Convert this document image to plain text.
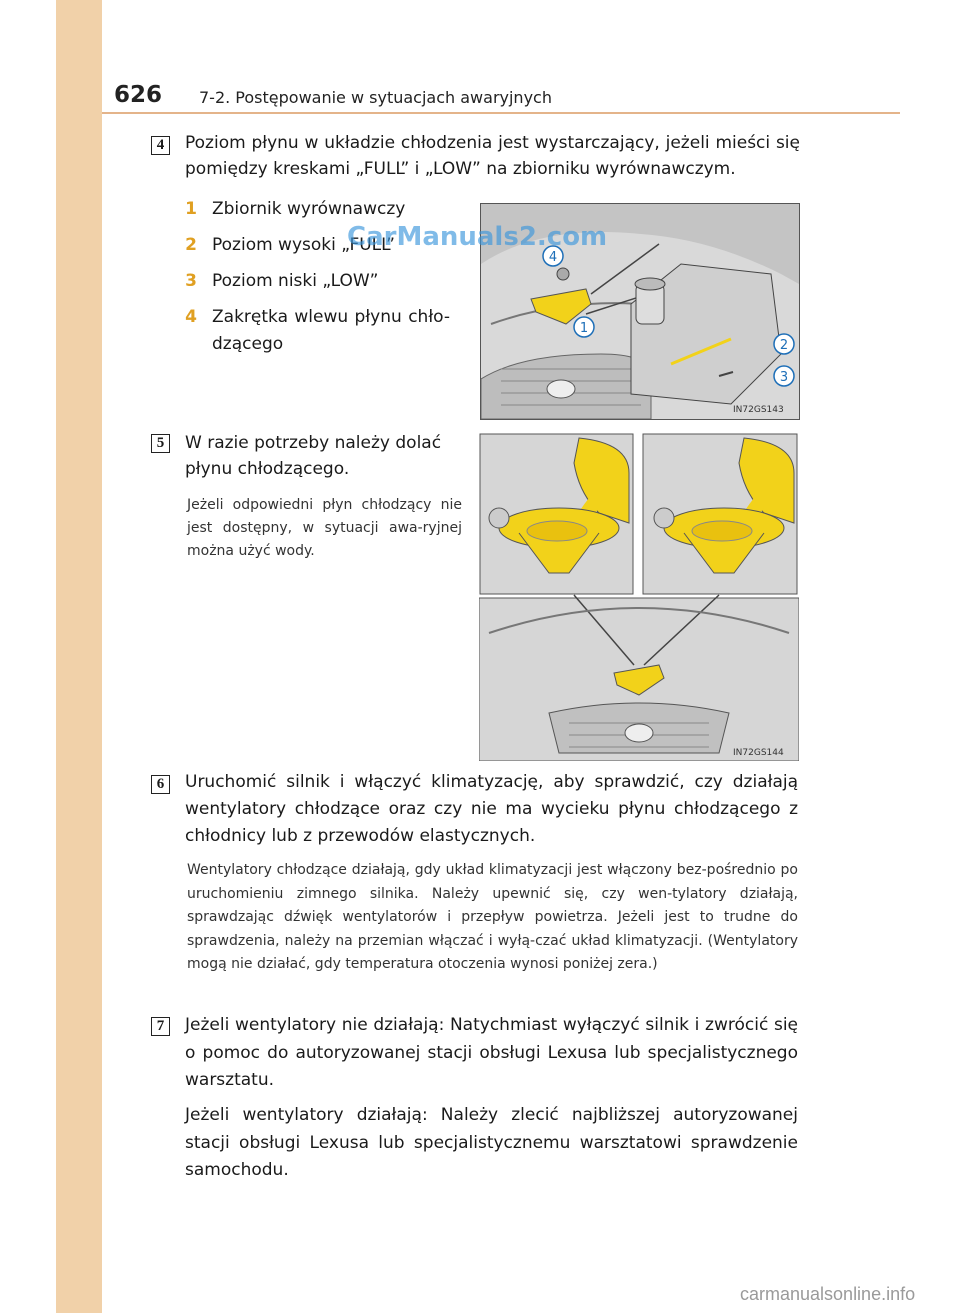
626 7-2. Postępowanie w sytuacjach awaryjnych
4	Poziom płynu w układzie chłodzenia jest wystarczający, jeżeli mieści się pomiędzy kreskami „FULL” i „LOW” na zbiorniku wyrównawczym.

1 Zbiornik wyrównawczy
2 Poziom wysoki „FULL”
3 Poziom niski „LOW”
4 Zakrętka wlewu płynu chło-dzącego
4
1
2
3
IN72GS143
CarManuals2.com
5	W razie potrzeby należy dolać płynu chłodzącego.

Jeżeli odpowiedni płyn chłodzący nie jest dostępny, w sytuacji awa-ryjnej można użyć wody.

IN72GS144
6	Uruchomić silnik i włączyć klimatyzację, aby sprawdzić, czy działają wentylatory chłodzące oraz czy nie ma wycieku płynu chłodzącego z chłodnicy lub z przewodów elastycznych.

Wentylatory chłodzące działają, gdy układ klimatyzacji jest włączony bez-pośrednio po uruchomieniu zimnego silnika. Należy upewnić się, czy wen-tylatory działają, sprawdzając dźwięk wentylatorów i przepływ powietrza. Jeżeli jest to trudne do sprawdzenia, należy na przemian włączać i wyłą-czać układ klimatyzacji. (Wentylatory mogą nie działać, gdy temperatura otoczenia wynosi poniżej zera.)

7	Jeżeli wentylatory nie działają: Natychmiast wyłączyć silnik i zwrócić się o pomoc do autoryzowanej stacji obsługi Lexusa lub specjalistycznego warsztatu.

Jeżeli wentylatory działają: Należy zlecić najbliższej autoryzowanej stacji obsługi Lexusa lub specjalistycznemu warsztatowi sprawdzenie samochodu.

carmanualsonline.info
